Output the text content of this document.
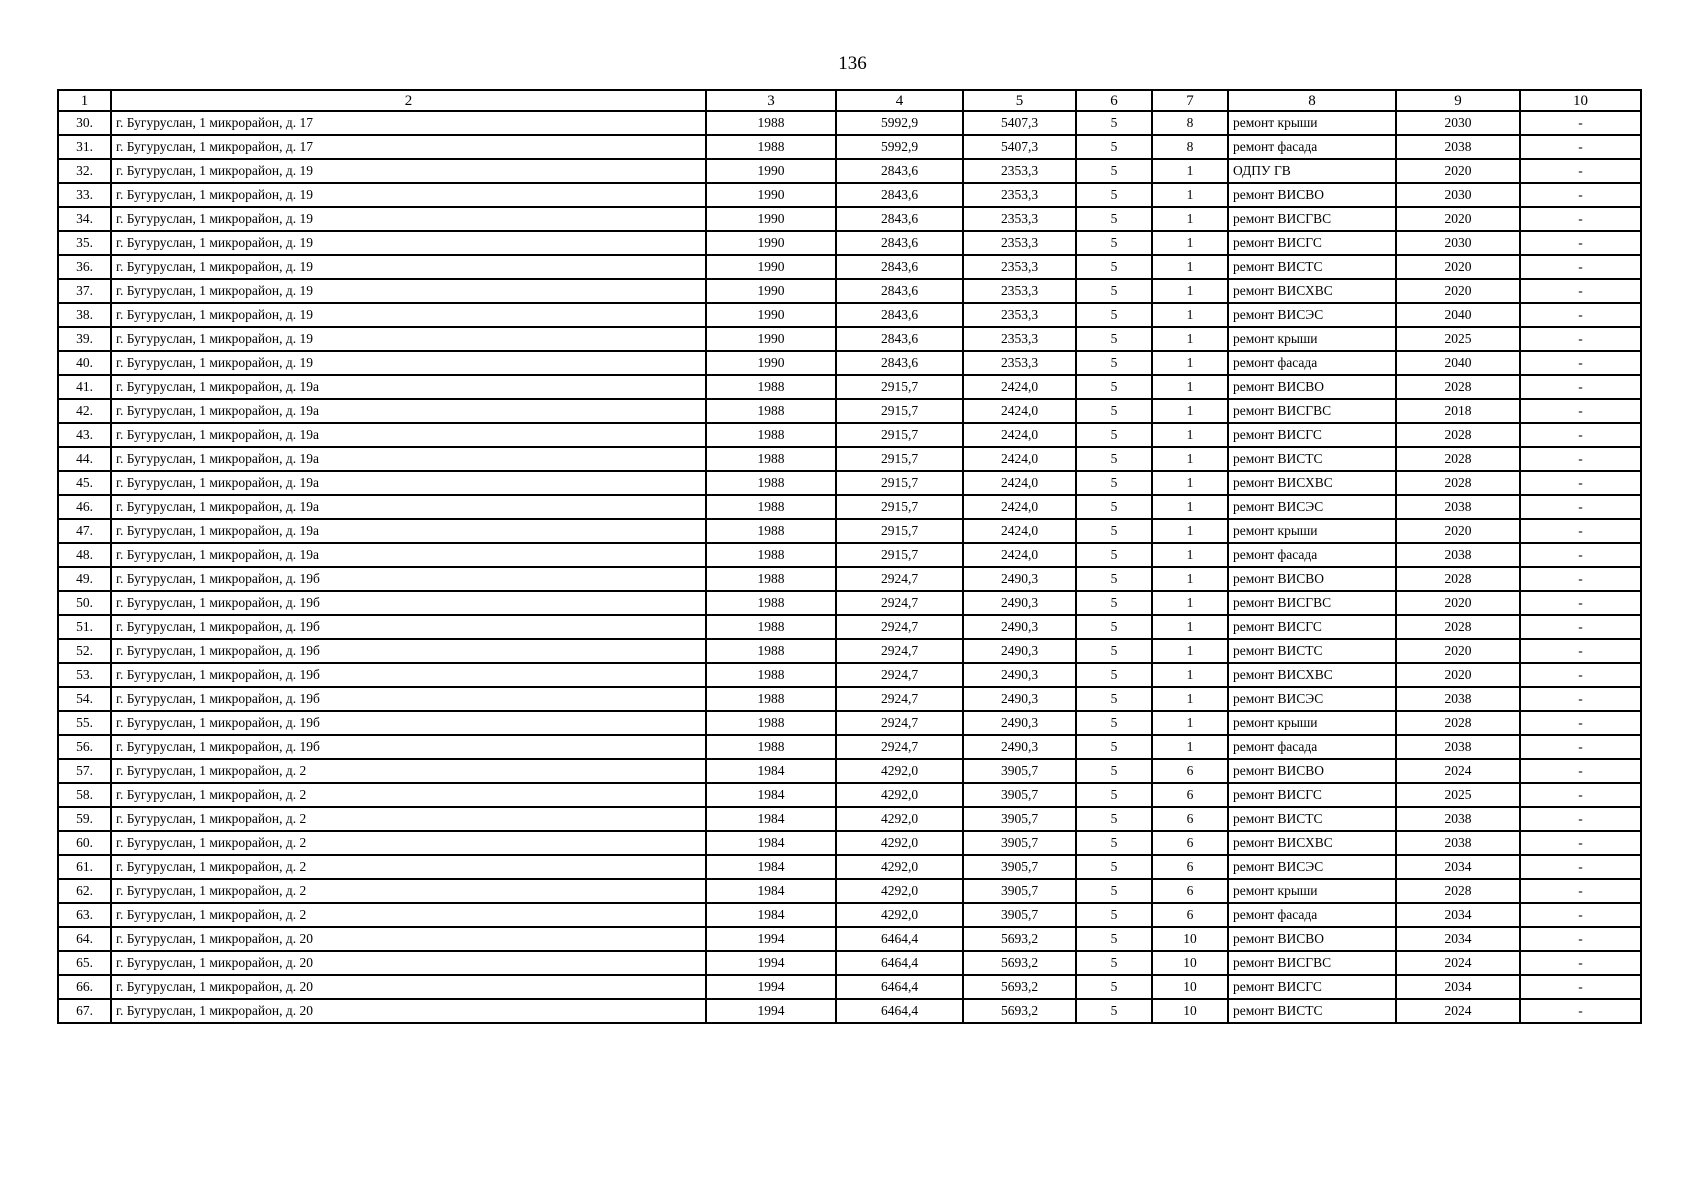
136
1	2	3	4	5	6	7	8	9	10
30.	г. Бугуруслан, 1 микрорайон, д. 17	1988	5992,9	5407,3	5	8	ремонт крыши	2030	-
31.	г. Бугуруслан, 1 микрорайон, д. 17	1988	5992,9	5407,3	5	8	ремонт фасада	2038	-
32.	г. Бугуруслан, 1 микрорайон, д. 19	1990	2843,6	2353,3	5	1	ОДПУ ГВ	2020	-
33.	г. Бугуруслан, 1 микрорайон, д. 19	1990	2843,6	2353,3	5	1	ремонт ВИСВО	2030	-
34.	г. Бугуруслан, 1 микрорайон, д. 19	1990	2843,6	2353,3	5	1	ремонт ВИСГВС	2020	-
35.	г. Бугуруслан, 1 микрорайон, д. 19	1990	2843,6	2353,3	5	1	ремонт ВИСГС	2030	-
36.	г. Бугуруслан, 1 микрорайон, д. 19	1990	2843,6	2353,3	5	1	ремонт ВИСТС	2020	-
37.	г. Бугуруслан, 1 микрорайон, д. 19	1990	2843,6	2353,3	5	1	ремонт ВИСХВС	2020	-
38.	г. Бугуруслан, 1 микрорайон, д. 19	1990	2843,6	2353,3	5	1	ремонт ВИСЭС	2040	-
39.	г. Бугуруслан, 1 микрорайон, д. 19	1990	2843,6	2353,3	5	1	ремонт крыши	2025	-
40.	г. Бугуруслан, 1 микрорайон, д. 19	1990	2843,6	2353,3	5	1	ремонт фасада	2040	-
41.	г. Бугуруслан, 1 микрорайон, д. 19а	1988	2915,7	2424,0	5	1	ремонт ВИСВО	2028	-
42.	г. Бугуруслан, 1 микрорайон, д. 19а	1988	2915,7	2424,0	5	1	ремонт ВИСГВС	2018	-
43.	г. Бугуруслан, 1 микрорайон, д. 19а	1988	2915,7	2424,0	5	1	ремонт ВИСГС	2028	-
44.	г. Бугуруслан, 1 микрорайон, д. 19а	1988	2915,7	2424,0	5	1	ремонт ВИСТС	2028	-
45.	г. Бугуруслан, 1 микрорайон, д. 19а	1988	2915,7	2424,0	5	1	ремонт ВИСХВС	2028	-
46.	г. Бугуруслан, 1 микрорайон, д. 19а	1988	2915,7	2424,0	5	1	ремонт ВИСЭС	2038	-
47.	г. Бугуруслан, 1 микрорайон, д. 19а	1988	2915,7	2424,0	5	1	ремонт крыши	2020	-
48.	г. Бугуруслан, 1 микрорайон, д. 19а	1988	2915,7	2424,0	5	1	ремонт фасада	2038	-
49.	г. Бугуруслан, 1 микрорайон, д. 19б	1988	2924,7	2490,3	5	1	ремонт ВИСВО	2028	-
50.	г. Бугуруслан, 1 микрорайон, д. 19б	1988	2924,7	2490,3	5	1	ремонт ВИСГВС	2020	-
51.	г. Бугуруслан, 1 микрорайон, д. 19б	1988	2924,7	2490,3	5	1	ремонт ВИСГС	2028	-
52.	г. Бугуруслан, 1 микрорайон, д. 19б	1988	2924,7	2490,3	5	1	ремонт ВИСТС	2020	-
53.	г. Бугуруслан, 1 микрорайон, д. 19б	1988	2924,7	2490,3	5	1	ремонт ВИСХВС	2020	-
54.	г. Бугуруслан, 1 микрорайон, д. 19б	1988	2924,7	2490,3	5	1	ремонт ВИСЭС	2038	-
55.	г. Бугуруслан, 1 микрорайон, д. 19б	1988	2924,7	2490,3	5	1	ремонт крыши	2028	-
56.	г. Бугуруслан, 1 микрорайон, д. 19б	1988	2924,7	2490,3	5	1	ремонт фасада	2038	-
57.	г. Бугуруслан, 1 микрорайон, д. 2	1984	4292,0	3905,7	5	6	ремонт ВИСВО	2024	-
58.	г. Бугуруслан, 1 микрорайон, д. 2	1984	4292,0	3905,7	5	6	ремонт ВИСГС	2025	-
59.	г. Бугуруслан, 1 микрорайон, д. 2	1984	4292,0	3905,7	5	6	ремонт ВИСТС	2038	-
60.	г. Бугуруслан, 1 микрорайон, д. 2	1984	4292,0	3905,7	5	6	ремонт ВИСХВС	2038	-
61.	г. Бугуруслан, 1 микрорайон, д. 2	1984	4292,0	3905,7	5	6	ремонт ВИСЭС	2034	-
62.	г. Бугуруслан, 1 микрорайон, д. 2	1984	4292,0	3905,7	5	6	ремонт крыши	2028	-
63.	г. Бугуруслан, 1 микрорайон, д. 2	1984	4292,0	3905,7	5	6	ремонт фасада	2034	-
64.	г. Бугуруслан, 1 микрорайон, д. 20	1994	6464,4	5693,2	5	10	ремонт ВИСВО	2034	-
65.	г. Бугуруслан, 1 микрорайон, д. 20	1994	6464,4	5693,2	5	10	ремонт ВИСГВС	2024	-
66.	г. Бугуруслан, 1 микрорайон, д. 20	1994	6464,4	5693,2	5	10	ремонт ВИСГС	2034	-
67.	г. Бугуруслан, 1 микрорайон, д. 20	1994	6464,4	5693,2	5	10	ремонт ВИСТС	2024	-
